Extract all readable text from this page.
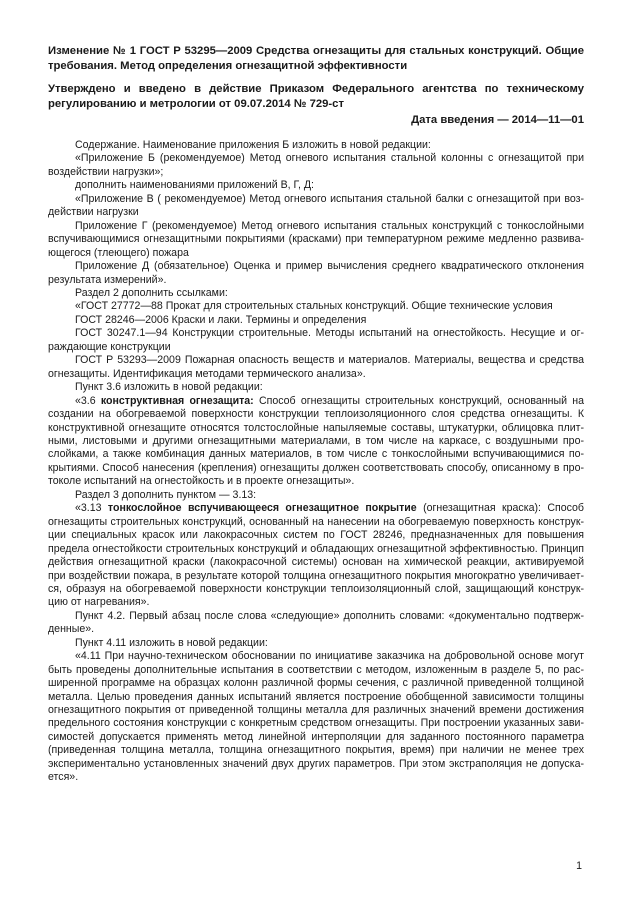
Изменение № 1 ГОСТ Р 53295—2009 Средства огнезащиты для стальных конструкций. Общие требования. Метод определения огнезащитной эффективности
Утверждено и введено в действие Приказом Федерального агентства по техническому регулированию и метрологии от 09.07.2014 № 729-ст
Дата введения — 2014—11—01

Содержание. Наименование приложения Б изложить в новой редакции:

«Приложение Б (рекомендуемое) Метод огневого испытания стальной колонны с огнезащитой при воздействии нагрузки»;

дополнить наименованиями приложений В, Г, Д:

«Приложение В ( рекомендуемое) Метод огневого испытания стальной балки с огнезащитой при воздействии нагрузки

Приложение Г (рекомендуемое) Метод огневого испытания стальных конструкций с тонкослойными вспучивающимися огнезащитными покрытиями (красками) при температурном режиме медленно развивающегося (тлеющего) пожара

Приложение Д (обязательное) Оценка и пример вычисления среднего квадратического отклонения результата измерений».

Раздел 2 дополнить ссылками:

«ГОСТ 27772—88 Прокат для строительных стальных конструкций. Общие технические условия

ГОСТ 28246—2006 Краски и лаки. Термины и определения

ГОСТ 30247.1—94 Конструкции строительные. Методы испытаний на огнестойкость. Несущие и ограждающие конструкции

ГОСТ Р 53293—2009 Пожарная опасность веществ и материалов. Материалы, вещества и средства огнезащиты. Идентификация методами термического анализа».

Пункт 3.6 изложить в новой редакции:

«3.6 конструктивная огнезащита: Способ огнезащиты строительных конструкций, основанный на создании на обогреваемой поверхности конструкции теплоизоляционного слоя средства огнезащиты. К конструктивной огнезащите относятся толстослойные напыляемые составы, штукатурки, облицовка плитными, листовыми и другими огнезащитными материалами, в том числе на каркасе, с воздушными прослойками, а также комбинация данных материалов, в том числе с тонкослойными вспучивающимися покрытиями. Способ нанесения (крепления) огнезащиты должен соответствовать способу, описанному в протоколе испытаний на огнестойкость и в проекте огнезащиты».

Раздел 3 дополнить пунктом — 3.13:

«3.13 тонкослойное вспучивающееся огнезащитное покрытие (огнезащитная краска): Способ огнезащиты строительных конструкций, основанный на нанесении на обогреваемую поверхность конструкции специальных красок или лакокрасочных систем по ГОСТ 28246, предназначенных для повышения предела огнестойкости строительных конструкций и обладающих огнезащитной эффективностью. Принцип действия огнезащитной краски (лакокрасочной системы) основан на химической реакции, активируемой при воздействии пожара, в результате которой толщина огнезащитного покрытия многократно увеличивается, образуя на обогреваемой поверхности конструкции теплоизоляционный слой, защищающий конструкцию от нагревания».

Пункт 4.2. Первый абзац после слова «следующие» дополнить словами: «документально подтвержденные».

Пункт 4.11 изложить в новой редакции:

«4.11 При научно-техническом обосновании по инициативе заказчика на добровольной основе могут быть проведены дополнительные испытания в соответствии с методом, изложенным в разделе 5, по расширенной программе на образцах колонн различной формы сечения, с различной приведенной толщиной металла. Целью проведения данных испытаний является построение обобщенной зависимости толщины огнезащитного покрытия от приведенной толщины металла для различных значений времени достижения предельного состояния конструкции с конкретным средством огнезащиты. При построении указанных зависимостей допускается применять метод линейной интерполяции для заданного постоянного параметра (приведенная толщина металла, толщина огнезащитного покрытия, время) при наличии не менее трех экспериментально установленных значений двух других параметров. При этом экстраполяция не допускается».

1
